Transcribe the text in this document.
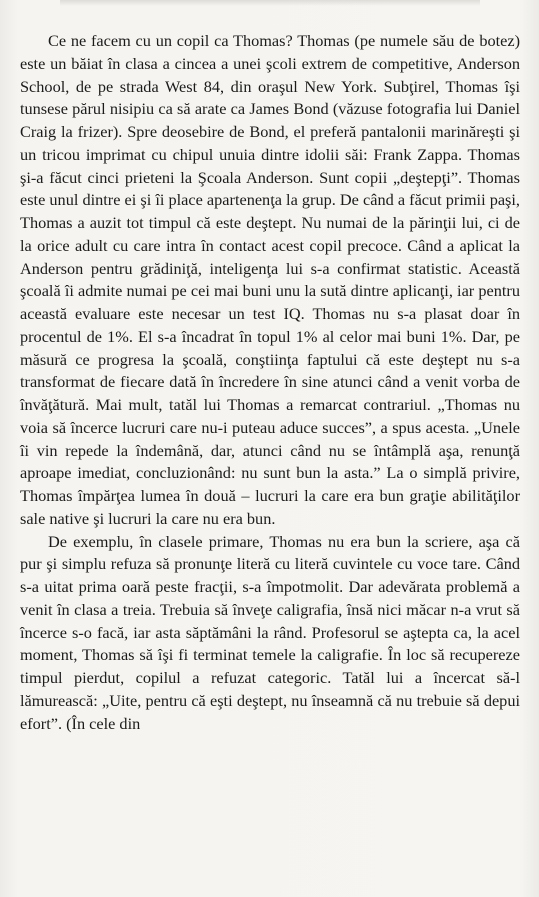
Ce ne facem cu un copil ca Thomas? Thomas (pe numele său de botez) este un băiat în clasa a cincea a unei şcoli extrem de competitive, Anderson School, de pe strada West 84, din oraşul New York. Subţirel, Thomas îşi tunsese părul nisipiu ca să arate ca James Bond (văzuse fotografia lui Daniel Craig la frizer). Spre deosebire de Bond, el preferă pantalonii marinăreşti şi un tricou imprimat cu chipul unuia dintre idolii săi: Frank Zappa. Thomas şi-a făcut cinci prieteni la Şcoala Anderson. Sunt copii „deştepţi”. Thomas este unul dintre ei şi îi place apartenenţa la grup. De când a făcut primii paşi, Thomas a auzit tot timpul că este deştept. Nu numai de la părinţii lui, ci de la orice adult cu care intra în contact acest copil precoce. Când a aplicat la Anderson pentru grădiniţă, inteligenţa lui s-a confirmat statistic. Această şcoală îi admite numai pe cei mai buni unu la sută dintre aplicanţi, iar pentru această evaluare este necesar un test IQ. Thomas nu s-a plasat doar în procentul de 1%. El s-a încadrat în topul 1% al celor mai buni 1%. Dar, pe măsură ce progresa la şcoală, conştiinţa faptului că este deştept nu s-a transformat de fiecare dată în încredere în sine atunci când a venit vorba de învăţătură. Mai mult, tatăl lui Thomas a remarcat contrariul. „Thomas nu voia să încerce lucruri care nu-i puteau aduce succes”, a spus acesta. „Unele îi vin repede la îndemână, dar, atunci când nu se întâmplă aşa, renunţă aproape imediat, concluzionând: nu sunt bun la asta.” La o simplă privire, Thomas împărţea lumea în două – lucruri la care era bun graţie abilităţilor sale native şi lucruri la care nu era bun.

De exemplu, în clasele primare, Thomas nu era bun la scriere, aşa că pur şi simplu refuza să pronunţe literă cu literă cuvintele cu voce tare. Când s-a uitat prima oară peste fracţii, s-a împotmolit. Dar adevărata problemă a venit în clasa a treia. Trebuia să înveţe caligrafia, însă nici măcar n-a vrut să încerce s-o facă, iar asta săptămâni la rând. Profesorul se aştepta ca, la acel moment, Thomas să îşi fi terminat temele la caligrafie. În loc să recupereze timpul pierdut, copilul a refuzat categoric. Tatăl lui a încercat să-l lămurească: „Uite, pentru că eşti deştept, nu înseamnă că nu trebuie să depui efort”. (În cele din
